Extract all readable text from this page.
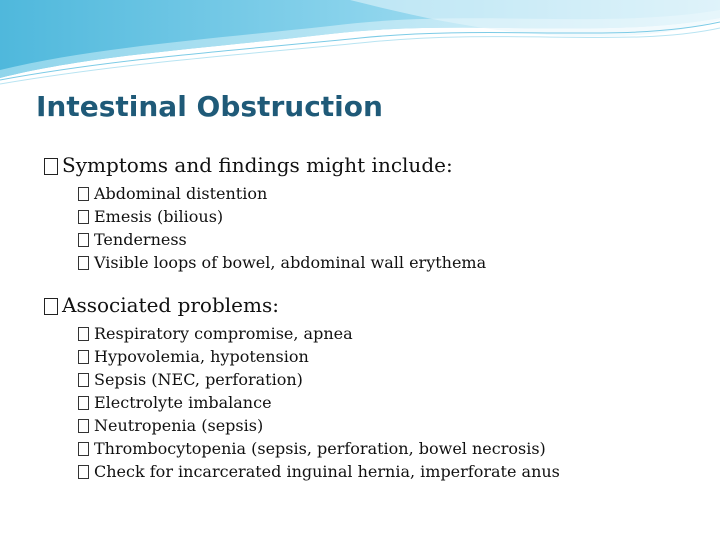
Intestinal Obstruction
Symptoms and findings might include:
Abdominal distention
Emesis (bilious)
Tenderness
Visible loops of bowel, abdominal wall erythema
Associated problems:
Respiratory compromise, apnea
Hypovolemia, hypotension
Sepsis (NEC, perforation)
Electrolyte imbalance
Neutropenia (sepsis)
Thrombocytopenia (sepsis, perforation, bowel necrosis)
Check for incarcerated inguinal hernia, imperforate anus
